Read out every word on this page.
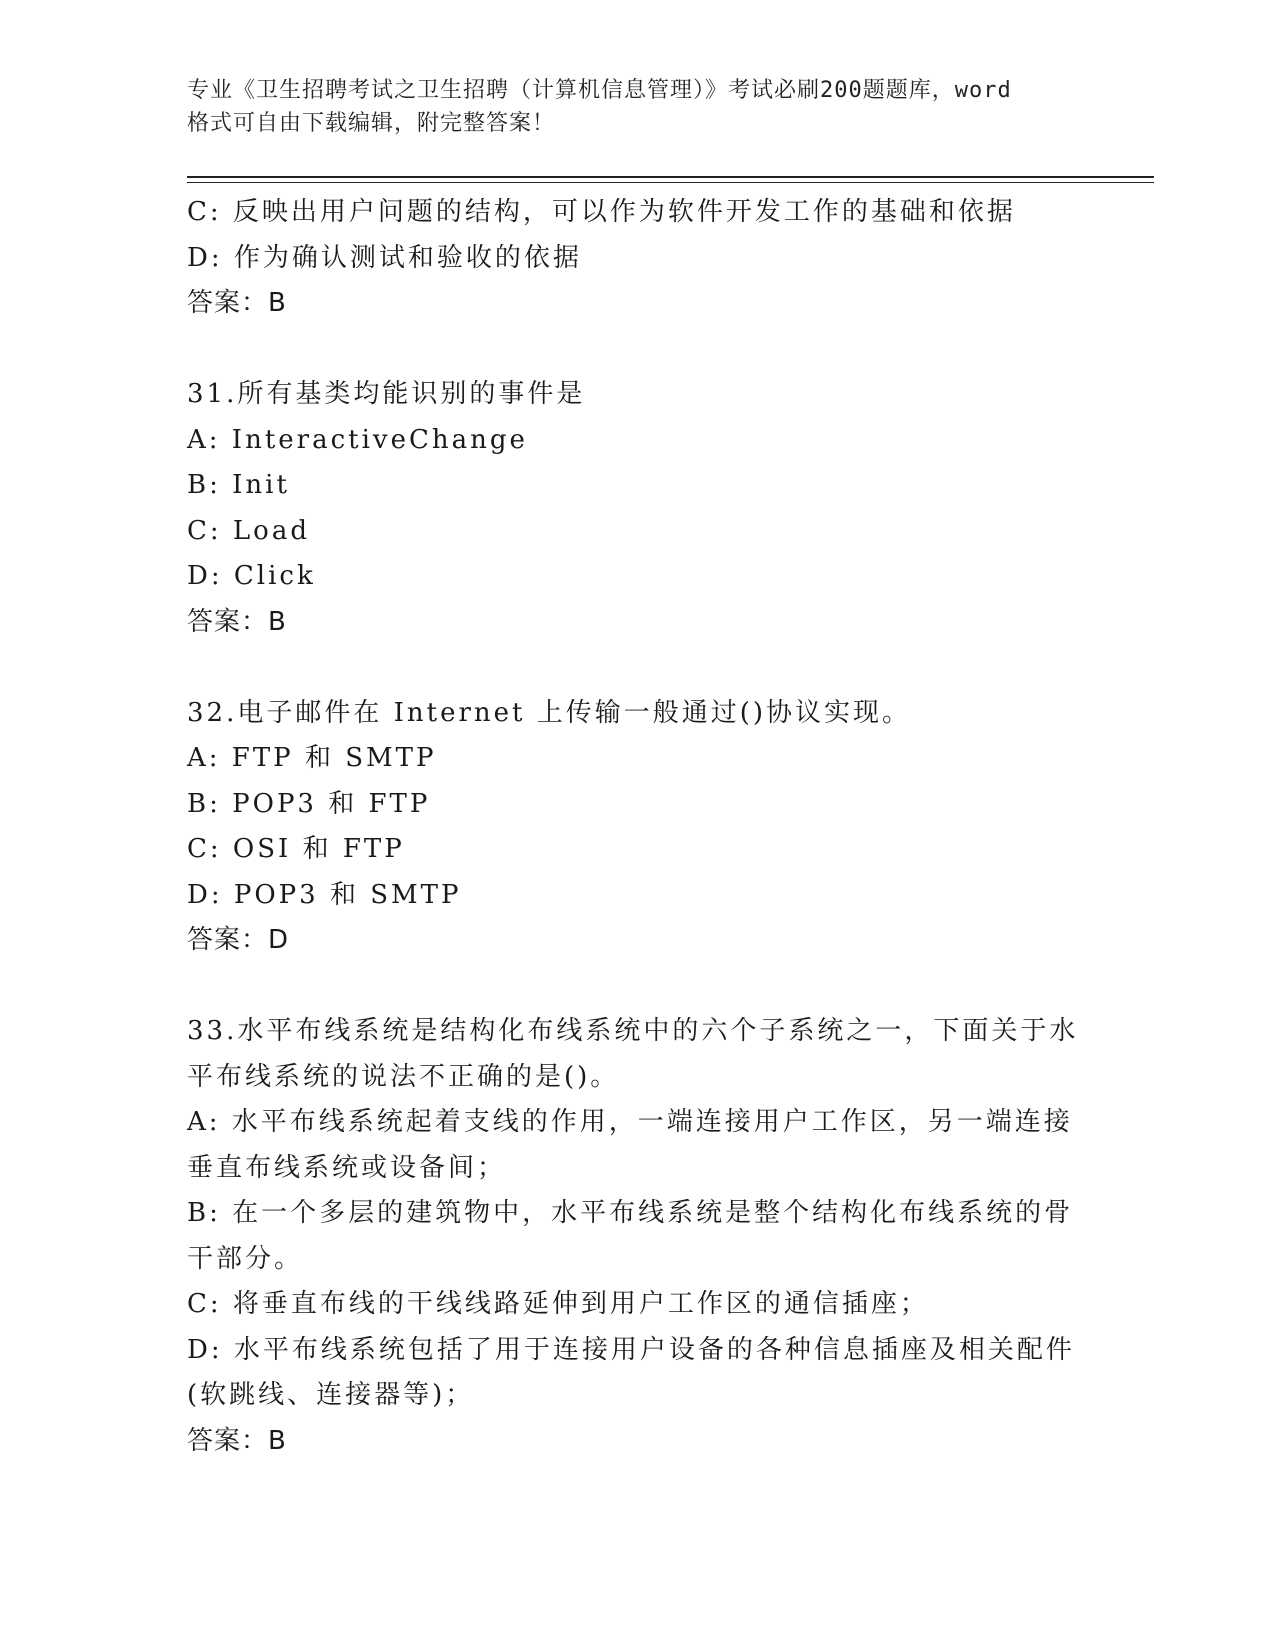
专业《卫生招聘考试之卫生招聘（计算机信息管理）》考试必刷200题题库，word
格式可自由下载编辑，附完整答案！

C: 反映出用户问题的结构，可以作为软件开发工作的基础和依据

D: 作为确认测试和验收的依据

答案：B

31.所有基类均能识别的事件是

A: InteractiveChange

B: Init

C: Load

D: Click

答案：B

32.电子邮件在 Internet 上传输一般通过()协议实现。

A: FTP 和 SMTP

B: POP3 和 FTP

C: OSI 和 FTP

D: POP3 和 SMTP

答案：D

33.水平布线系统是结构化布线系统中的六个子系统之一，下面关于水

平布线系统的说法不正确的是()。

A: 水平布线系统起着支线的作用，一端连接用户工作区，另一端连接

垂直布线系统或设备间；

B: 在一个多层的建筑物中，水平布线系统是整个结构化布线系统的骨

干部分。

C: 将垂直布线的干线线路延伸到用户工作区的通信插座；

D: 水平布线系统包括了用于连接用户设备的各种信息插座及相关配件

(软跳线、连接器等)；

答案：B
